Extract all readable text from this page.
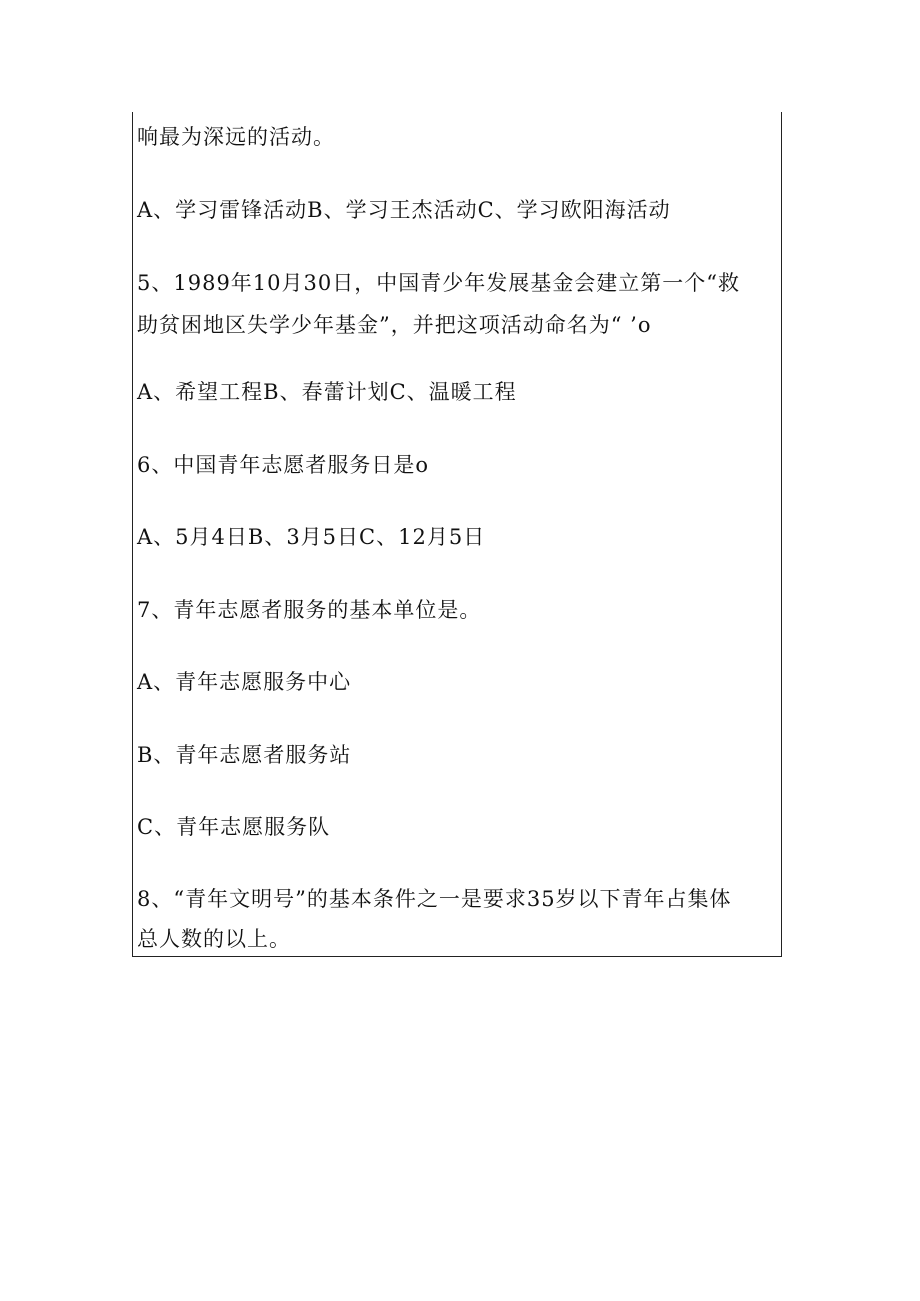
响最为深远的活动。
A、学习雷锋活动B、学习王杰活动C、学习欧阳海活动
5、1989年10月30日，中国青少年发展基金会建立第一个“救
助贫困地区失学少年基金”，并把这项活动命名为“ ’o
A、希望工程B、春蕾计划C、温暖工程
6、中国青年志愿者服务日是o
A、5月4日B、3月5日C、12月5日
7、青年志愿者服务的基本单位是。
A、青年志愿服务中心
B、青年志愿者服务站
C、青年志愿服务队
8、“青年文明号”的基本条件之一是要求35岁以下青年占集体
总人数的以上。
